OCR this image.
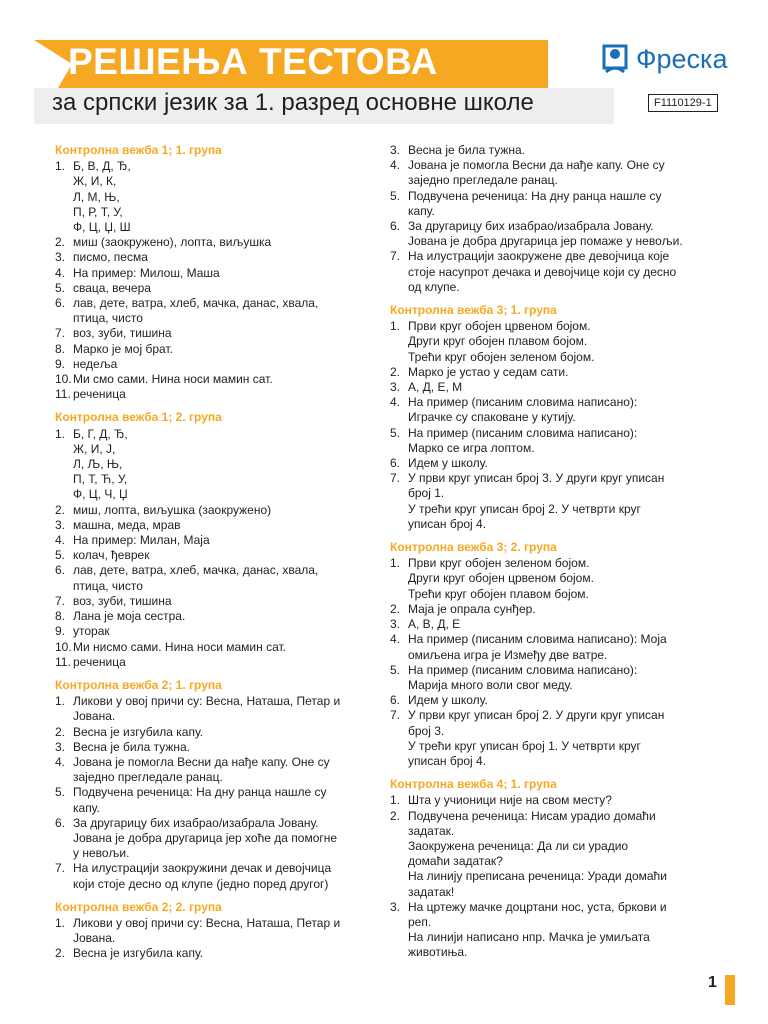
РЕШЕЊА ТЕСТОВА
за српски језик за 1. разред основне школе
Фреска
F1110129-1
Контролна вежба 1; 1. група
1. Б, В, Д, Ђ,
Ж, И, К,
Л, М, Њ,
П, Р, Т, У,
Ф, Ц, Џ, Ш
2. миш (заокружено), лопта, виљушка
3. писмо, песма
4. На пример: Милош, Маша
5. сваца, вечера
6. лав, дете, ватра, хлеб, мачка, данас, хвала,
птица, чисто
7. воз, зуби, тишина
8. Марко је мој брат.
9. недеља
10. Ми смо сами. Нина носи мамин сат.
11. реченица
Контролна вежба 1; 2. група
1. Б, Г, Д, Ђ,
Ж, И, Ј,
Л, Љ, Њ,
П, Т, Ћ, У,
Ф, Ц, Ч, Џ
2. миш, лопта, виљушка (заокружено)
3. машна, меда, мрав
4. На пример: Милан, Маја
5. колач, ђеврек
6. лав, дете, ватра, хлеб, мачка, данас, хвала,
птица, чисто
7. воз, зуби, тишина
8. Лана је моја сестра.
9. уторак
10. Ми нисмо сами. Нина носи мамин сат.
11. реченица
Контролна вежба 2; 1. група
1. Ликови у овој причи су: Весна, Наташа, Петар и
Јована.
2. Весна је изгубила капу.
3. Весна је била тужна.
4. Јована је помогла Весни да нађе капу. Оне су
заједно прегледале ранац.
5. Подвучена реченица: На дну ранца нашле су
капу.
6. За другарицу бих изабрао/изабрала Јовану.
Јована је добра другарица јер хоће да помогне
у невољи.
7. На илустрацији заокружини дечак и девојчица
који стоје десно од клупе (једно поред другог)
Контролна вежба 2; 2. група
1. Ликови у овој причи су: Весна, Наташа, Петар и
Јована.
2. Весна је изгубила капу.
3. Весна је била тужна.
4. Јована је помогла Весни да нађе капу. Оне су
заједно прегледале ранац.
5. Подвучена реченица: На дну ранца нашле су
капу.
6. За другарицу бих изабрао/изабрала Јовану.
Јована је добра другарица јер помаже у невољи.
7. На илустрацији заокружене две девојчица које
стоје насупрот дечака и девојчице који су десно
од клупе.
Контролна вежба 3; 1. група
1. Први круг обојен црвеном бојом.
Други круг обојен плавом бојом.
Трећи круг обојен зеленом бојом.
2. Марко је устао у седам сати.
3. А, Д, Е, М
4. На пример (писаним словима написано):
Играчке су спаковане у кутију.
5. На пример (писаним словима написано):
Марко се игра лоптом.
6. Идем у школу.
7. У први круг уписан број 3. У други круг уписан
број 1.
У трећи круг уписан број 2. У четврти круг
уписан број 4.
Контролна вежба 3; 2. група
1. Први круг обојен зеленом бојом.
Други круг обојен црвеном бојом.
Трећи круг обојен плавом бојом.
2. Маја је опрала сунђер.
3. А, В, Д, Е
4. На пример (писаним словима написано): Моја
омиљена игра је Између две ватре.
5. На пример (писаним словима написано):
Марија много воли свог меду.
6. Идем у школу.
7. У први круг уписан број 2. У други круг уписан
број 3.
У трећи круг уписан број 1. У четврти круг
уписан број 4.
Контролна вежба 4; 1. група
1. Шта у учионици није на свом месту?
2. Подвучена реченица: Нисам урадио домаћи
задатак.
Заокружена реченица: Да ли си урадио
домаћи задатак?
На линију преписана реченица: Уради домаћи
задатак!
3. На цртежу мачке доцртани нос, уста, бркови и
реп.
На линији написано нпр. Мачка је умиљата
животиња.
1
